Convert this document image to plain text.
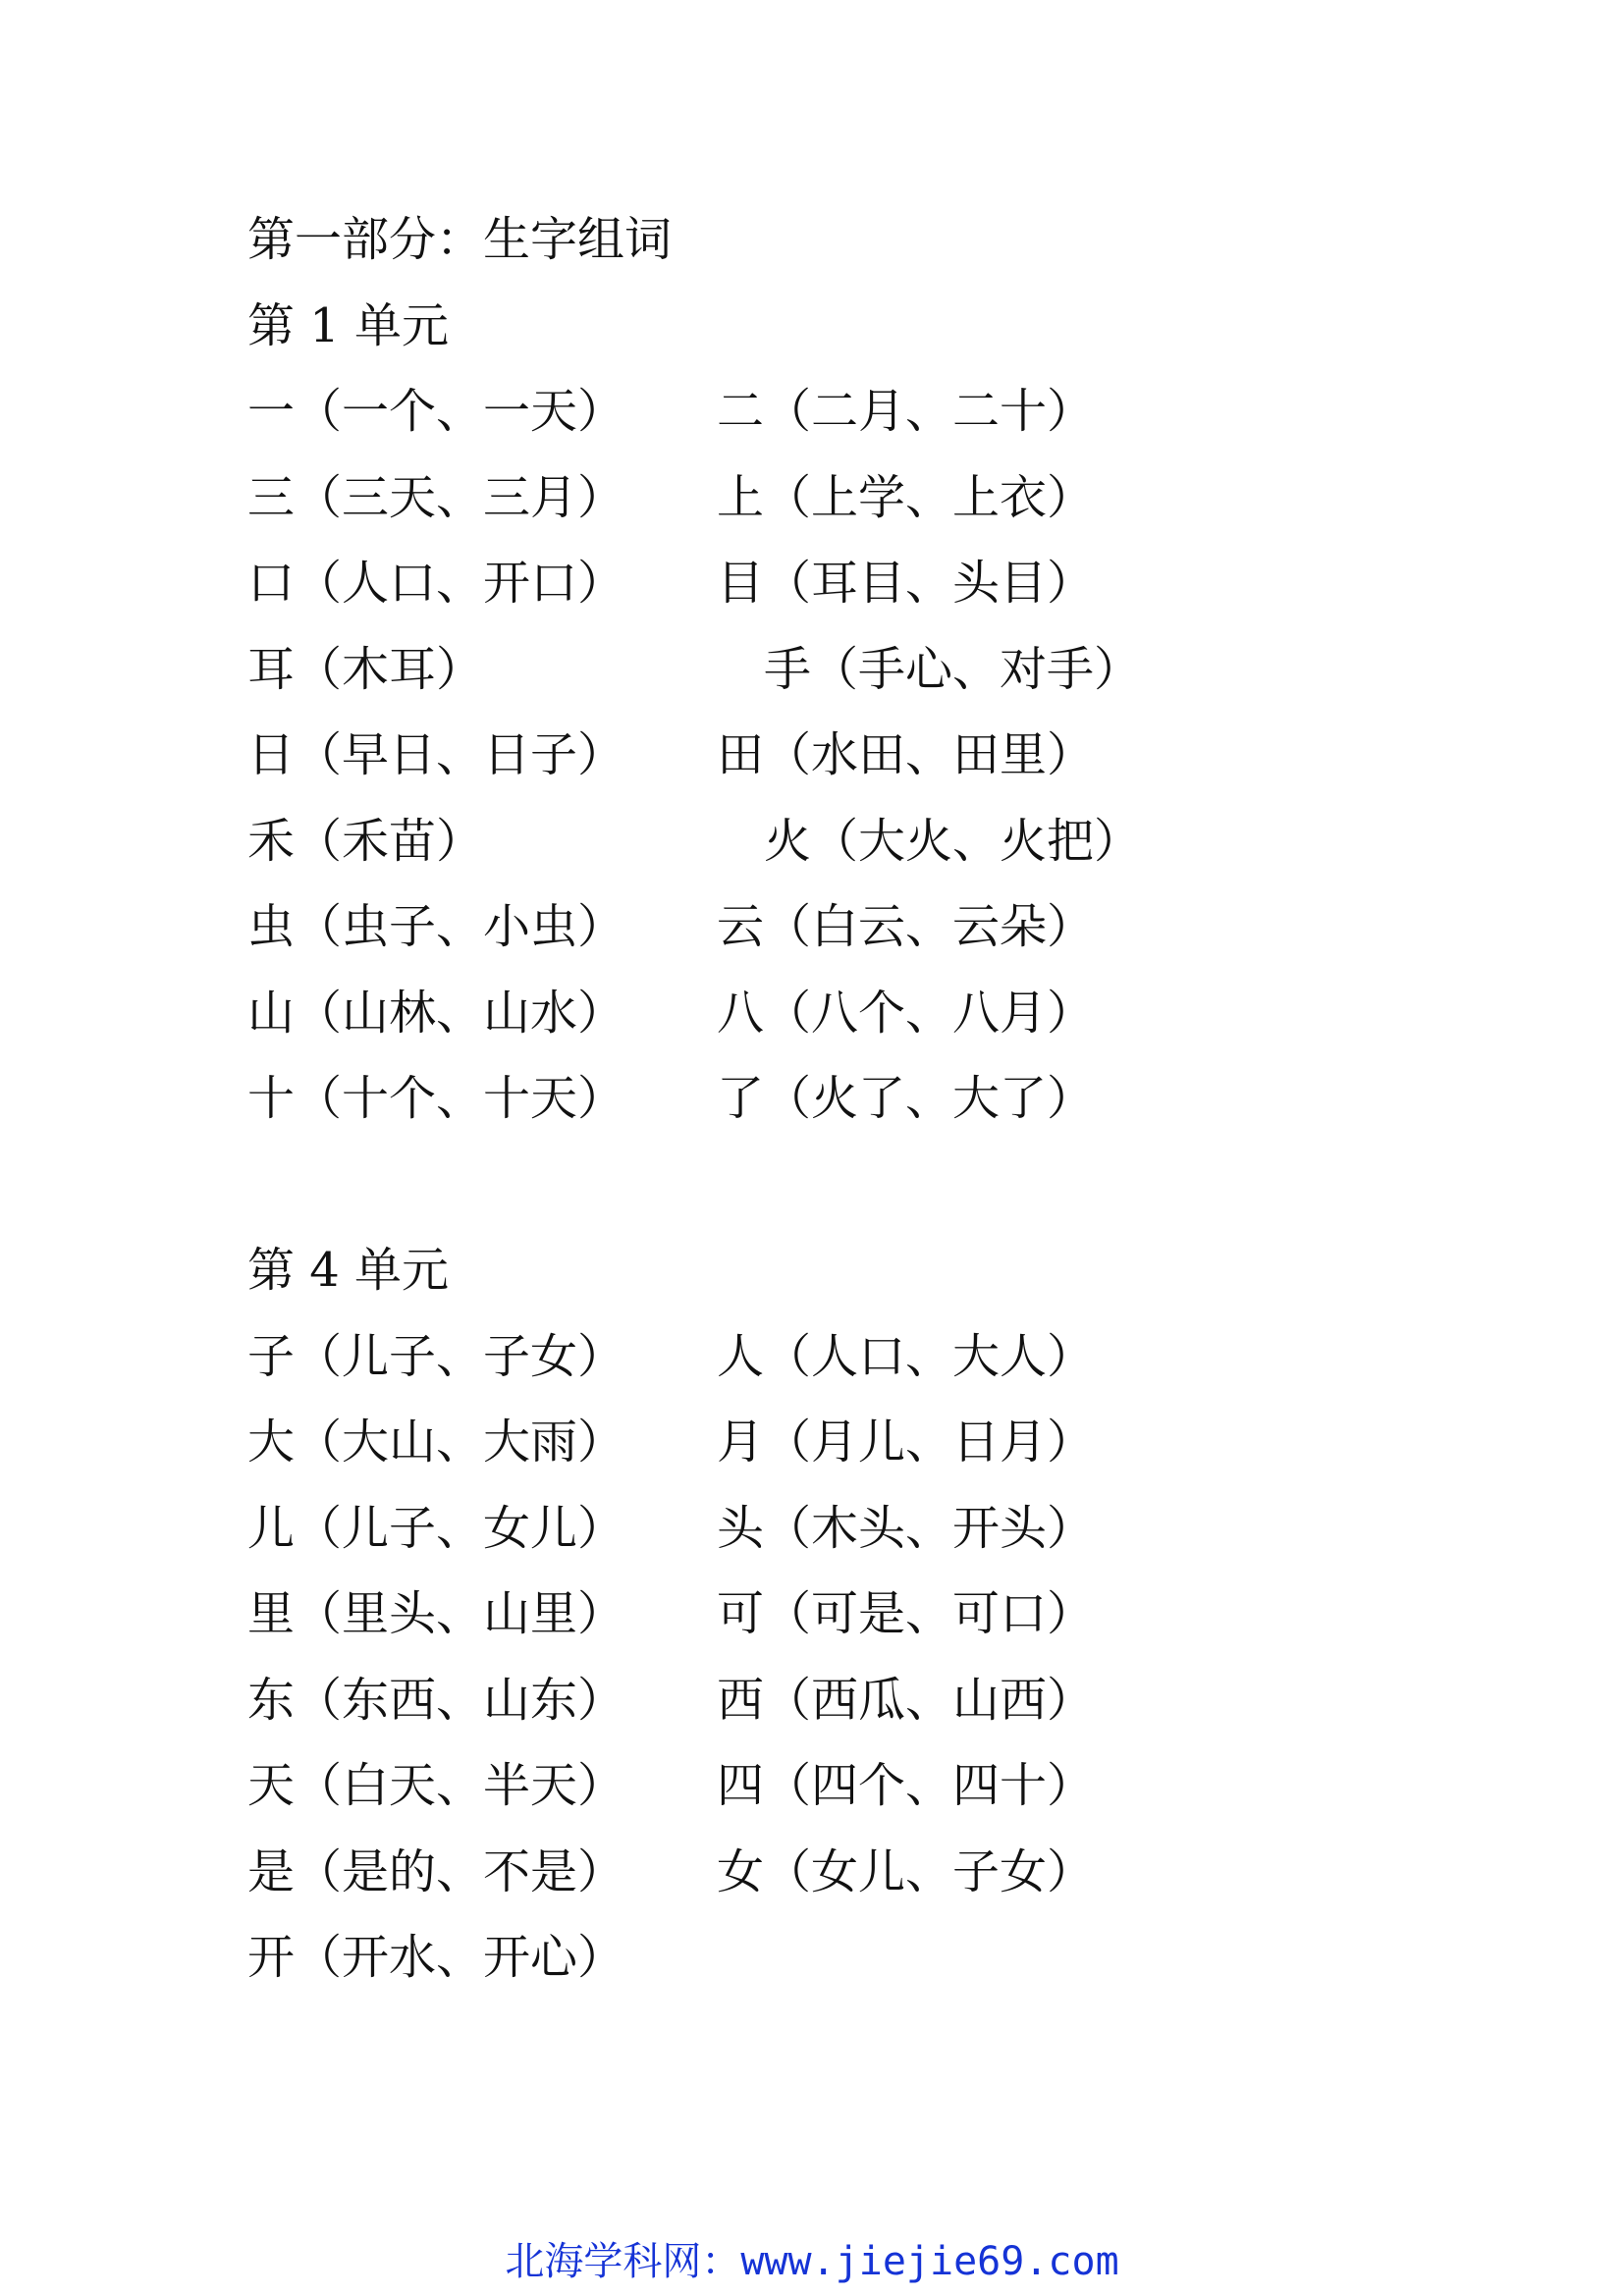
第一部分：生字组词
第 1 单元
一（一个、一天） 二（二月、二十）
三（三天、三月） 上（上学、上衣）
口（人口、开口） 目（耳目、头目）
耳（木耳）	手（手心、对手）
日（早日、日子） 田（水田、田里）
禾（禾苗）	火（大火、火把）
虫（虫子、小虫） 云（白云、云朵）
山（山林、山水） 八（八个、八月）
十（十个、十天） 了（火了、大了）
第 4 单元
子（儿子、子女） 人（人口、大人）
大（大山、大雨） 月（月儿、日月）
儿（儿子、女儿） 头（木头、开头）
里（里头、山里） 可（可是、可口）
东（东西、山东） 西（西瓜、山西）
天（白天、半天） 四（四个、四十）
是（是的、不是） 女（女儿、子女）
开（开水、开心）
北海学科网：www.jiejie69.com
